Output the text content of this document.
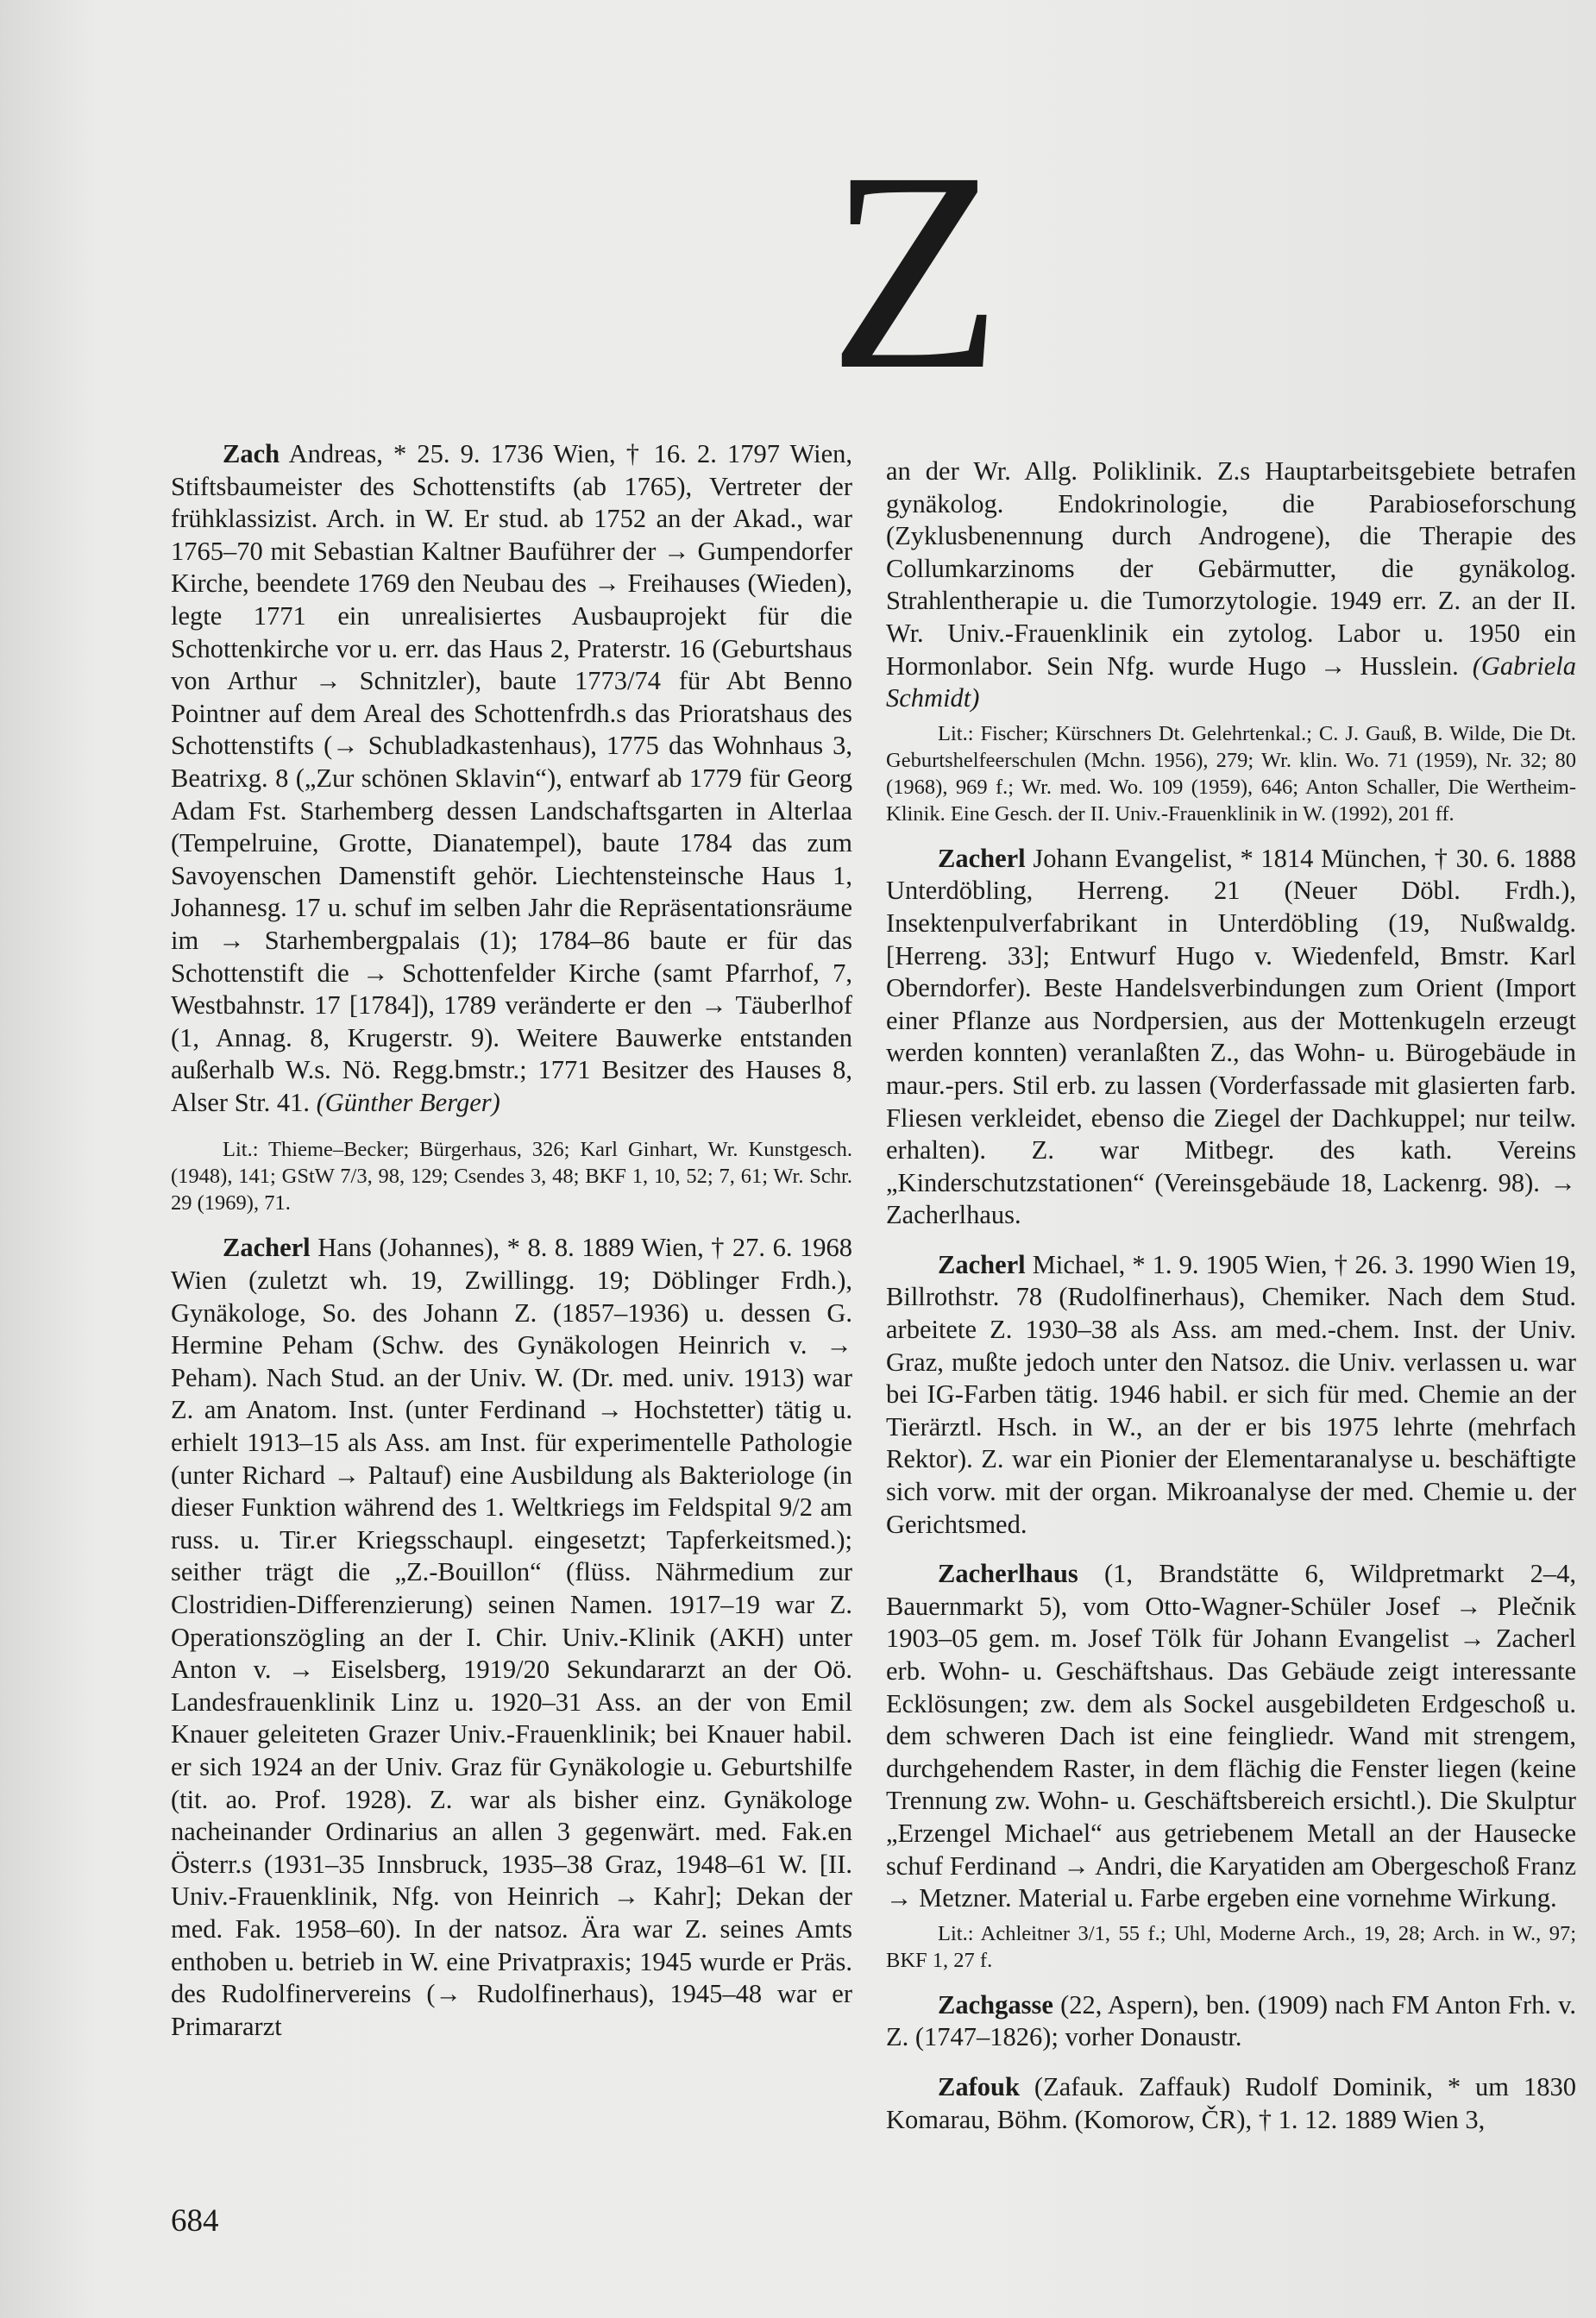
Z

Zach Andreas, * 25. 9. 1736 Wien, † 16. 2. 1797 Wien, Stiftsbaumeister des Schottenstifts (ab 1765), Vertreter der frühklassizist. Arch. in W. Er stud. ab 1752 an der Akad., war 1765–70 mit Sebastian Kaltner Bauführer der → Gumpendorfer Kirche, beendete 1769 den Neubau des → Freihauses (Wieden), legte 1771 ein unrealisiertes Ausbauprojekt für die Schottenkirche vor u. err. das Haus 2, Praterstr. 16 (Geburtshaus von Arthur → Schnitzler), baute 1773/74 für Abt Benno Pointner auf dem Areal des Schottenfrdh.s das Prioratshaus des Schottenstifts (→ Schubladkastenhaus), 1775 das Wohnhaus 3, Beatrixg. 8 („Zur schönen Sklavin“), entwarf ab 1779 für Georg Adam Fst. Starhemberg dessen Landschaftsgarten in Alterlaa (Tempelruine, Grotte, Dianatempel), baute 1784 das zum Savoyenschen Damenstift gehör. Liechtensteinsche Haus 1, Johannesg. 17 u. schuf im selben Jahr die Repräsentationsräume im → Starhembergpalais (1); 1784–86 baute er für das Schottenstift die → Schottenfelder Kirche (samt Pfarrhof, 7, Westbahnstr. 17 [1784]), 1789 veränderte er den → Täuberlhof (1, Annag. 8, Krugerstr. 9). Weitere Bauwerke entstanden außerhalb W.s. Nö. Regg.bmstr.; 1771 Besitzer des Hauses 8, Alser Str. 41. (Günther Berger)

Lit.: Thieme–Becker; Bürgerhaus, 326; Karl Ginhart, Wr. Kunstgesch. (1948), 141; GStW 7/3, 98, 129; Csendes 3, 48; BKF 1, 10, 52; 7, 61; Wr. Schr. 29 (1969), 71.

Zacherl Hans (Johannes), * 8. 8. 1889 Wien, † 27. 6. 1968 Wien (zuletzt wh. 19, Zwillingg. 19; Döblinger Frdh.), Gynäkologe, So. des Johann Z. (1857–1936) u. dessen G. Hermine Peham (Schw. des Gynäkologen Heinrich v. → Peham). Nach Stud. an der Univ. W. (Dr. med. univ. 1913) war Z. am Anatom. Inst. (unter Ferdinand → Hochstetter) tätig u. erhielt 1913–15 als Ass. am Inst. für experimentelle Pathologie (unter Richard → Paltauf) eine Ausbildung als Bakteriologe (in dieser Funktion während des 1. Weltkriegs im Feldspital 9/2 am russ. u. Tir.er Kriegsschaupl. eingesetzt; Tapferkeitsmed.); seither trägt die „Z.-Bouillon“ (flüss. Nährmedium zur Clostridien-Differenzierung) seinen Namen. 1917–19 war Z. Operationszögling an der I. Chir. Univ.-Klinik (AKH) unter Anton v. → Eiselsberg, 1919/20 Sekundararzt an der Oö. Landesfrauenklinik Linz u. 1920–31 Ass. an der von Emil Knauer geleiteten Grazer Univ.-Frauenklinik; bei Knauer habil. er sich 1924 an der Univ. Graz für Gynäkologie u. Geburtshilfe (tit. ao. Prof. 1928). Z. war als bisher einz. Gynäkologe nacheinander Ordinarius an allen 3 gegenwärt. med. Fak.en Österr.s (1931–35 Innsbruck, 1935–38 Graz, 1948–61 W. [II. Univ.-Frauenklinik, Nfg. von Heinrich → Kahr]; Dekan der med. Fak. 1958–60). In der natsoz. Ära war Z. seines Amts enthoben u. betrieb in W. eine Privatpraxis; 1945 wurde er Präs. des Rudolfinervereins (→ Rudolfinerhaus), 1945–48 war er Primararzt

an der Wr. Allg. Poliklinik. Z.s Hauptarbeitsgebiete betrafen gynäkolog. Endokrinologie, die Parabioseforschung (Zyklusbenennung durch Androgene), die Therapie des Collumkarzinoms der Gebärmutter, die gynäkolog. Strahlentherapie u. die Tumorzytologie. 1949 err. Z. an der II. Wr. Univ.-Frauenklinik ein zytolog. Labor u. 1950 ein Hormonlabor. Sein Nfg. wurde Hugo → Husslein. (Gabriela Schmidt)

Lit.: Fischer; Kürschners Dt. Gelehrtenkal.; C. J. Gauß, B. Wilde, Die Dt. Geburtshelfeerschulen (Mchn. 1956), 279; Wr. klin. Wo. 71 (1959), Nr. 32; 80 (1968), 969 f.; Wr. med. Wo. 109 (1959), 646; Anton Schaller, Die Wertheim-Klinik. Eine Gesch. der II. Univ.-Frauenklinik in W. (1992), 201 ff.

Zacherl Johann Evangelist, * 1814 München, † 30. 6. 1888 Unterdöbling, Herreng. 21 (Neuer Döbl. Frdh.), Insektenpulverfabrikant in Unterdöbling (19, Nußwaldg. [Herreng. 33]; Entwurf Hugo v. Wiedenfeld, Bmstr. Karl Oberndorfer). Beste Handelsverbindungen zum Orient (Import einer Pflanze aus Nordpersien, aus der Mottenkugeln erzeugt werden konnten) veranlaßten Z., das Wohn- u. Bürogebäude in maur.-pers. Stil erb. zu lassen (Vorderfassade mit glasierten farb. Fliesen verkleidet, ebenso die Ziegel der Dachkuppel; nur teilw. erhalten). Z. war Mitbegr. des kath. Vereins „Kinderschutzstationen“ (Vereinsgebäude 18, Lackenrg. 98). → Zacherlhaus.

Zacherl Michael, * 1. 9. 1905 Wien, † 26. 3. 1990 Wien 19, Billrothstr. 78 (Rudolfinerhaus), Chemiker. Nach dem Stud. arbeitete Z. 1930–38 als Ass. am med.-chem. Inst. der Univ. Graz, mußte jedoch unter den Natsoz. die Univ. verlassen u. war bei IG-Farben tätig. 1946 habil. er sich für med. Chemie an der Tierärztl. Hsch. in W., an der er bis 1975 lehrte (mehrfach Rektor). Z. war ein Pionier der Elementaranalyse u. beschäftigte sich vorw. mit der organ. Mikroanalyse der med. Chemie u. der Gerichtsmed.

Zacherlhaus (1, Brandstätte 6, Wildpretmarkt 2–4, Bauernmarkt 5), vom Otto-Wagner-Schüler Josef → Plečnik 1903–05 gem. m. Josef Tölk für Johann Evangelist → Zacherl erb. Wohn- u. Geschäftshaus. Das Gebäude zeigt interessante Ecklösungen; zw. dem als Sockel ausgebildeten Erdgeschoß u. dem schweren Dach ist eine feingliedr. Wand mit strengem, durchgehendem Raster, in dem flächig die Fenster liegen (keine Trennung zw. Wohn- u. Geschäftsbereich ersichtl.). Die Skulptur „Erzengel Michael“ aus getriebenem Metall an der Hausecke schuf Ferdinand → Andri, die Karyatiden am Obergeschoß Franz → Metzner. Material u. Farbe ergeben eine vornehme Wirkung.

Lit.: Achleitner 3/1, 55 f.; Uhl, Moderne Arch., 19, 28; Arch. in W., 97; BKF 1, 27 f.

Zachgasse (22, Aspern), ben. (1909) nach FM Anton Frh. v. Z. (1747–1826); vorher Donaustr.

Zafouk (Zafauk. Zaffauk) Rudolf Dominik, * um 1830 Komarau, Böhm. (Komorow, ČR), † 1. 12. 1889 Wien 3,

684
